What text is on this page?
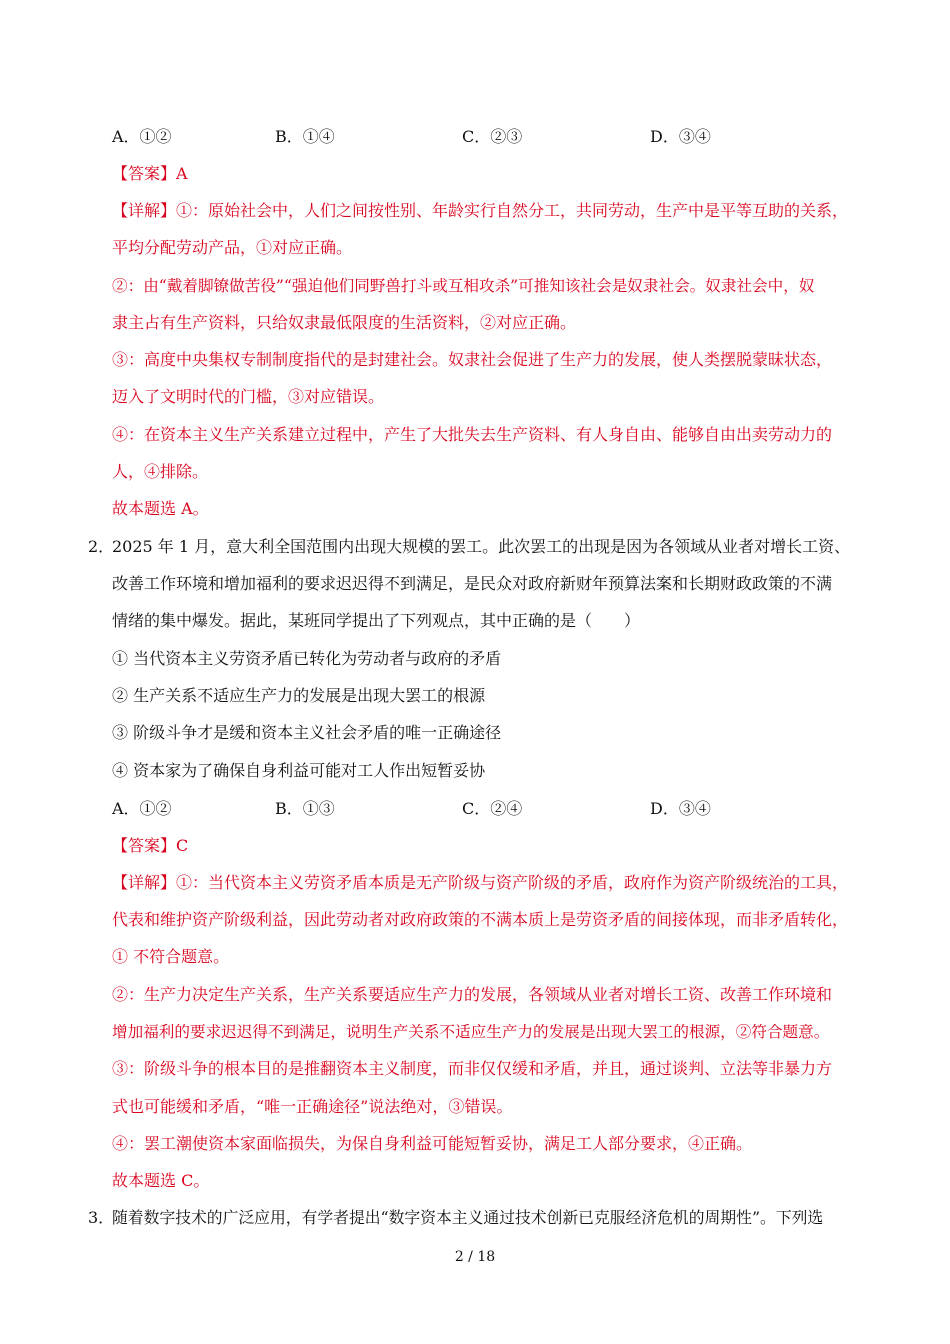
A．①②	B．①④	C．②③	D．③④
【答案】A
【详解】①：原始社会中，人们之间按性别、年龄实行自然分工，共同劳动，生产中是平等互助的关系，
平均分配劳动产品，①对应正确。
②：由“戴着脚镣做苦役”“强迫他们同野兽打斗或互相攻杀”可推知该社会是奴隶社会。奴隶社会中，奴
隶主占有生产资料，只给奴隶最低限度的生活资料，②对应正确。
③：高度中央集权专制制度指代的是封建社会。奴隶社会促进了生产力的发展，使人类摆脱蒙昧状态，
迈入了文明时代的门槛，③对应错误。
④：在资本主义生产关系建立过程中，产生了大批失去生产资料、有人身自由、能够自由出卖劳动力的
人，④排除。
故本题选 A。
2．
2025 年 1 月，意大利全国范围内出现大规模的罢工。此次罢工的出现是因为各领域从业者对增长工资、
改善工作环境和增加福利的要求迟迟得不到满足，是民众对政府新财年预算法案和长期财政政策的不满
情绪的集中爆发。据此，某班同学提出了下列观点，其中正确的是（　　）
① 当代资本主义劳资矛盾已转化为劳动者与政府的矛盾
② 生产关系不适应生产力的发展是出现大罢工的根源
③ 阶级斗争才是缓和资本主义社会矛盾的唯一正确途径
④ 资本家为了确保自身利益可能对工人作出短暂妥协
A．①②	B．①③	C．②④	D．③④
【答案】C
【详解】①：当代资本主义劳资矛盾本质是无产阶级与资产阶级的矛盾，政府作为资产阶级统治的工具，
代表和维护资产阶级利益，因此劳动者对政府政策的不满本质上是劳资矛盾的间接体现，而非矛盾转化，
① 不符合题意。
②：生产力决定生产关系，生产关系要适应生产力的发展，各领域从业者对增长工资、改善工作环境和
增加福利的要求迟迟得不到满足，说明生产关系不适应生产力的发展是出现大罢工的根源，②符合题意。
③：阶级斗争的根本目的是推翻资本主义制度，而非仅仅缓和矛盾，并且，通过谈判、立法等非暴力方
式也可能缓和矛盾，“唯一正确途径”说法绝对，③错误。
④：罢工潮使资本家面临损失，为保自身利益可能短暂妥协，满足工人部分要求，④正确。
故本题选 C。
3．
随着数字技术的广泛应用，有学者提出“数字资本主义通过技术创新已克服经济危机的周期性”。下列选
2 / 18
